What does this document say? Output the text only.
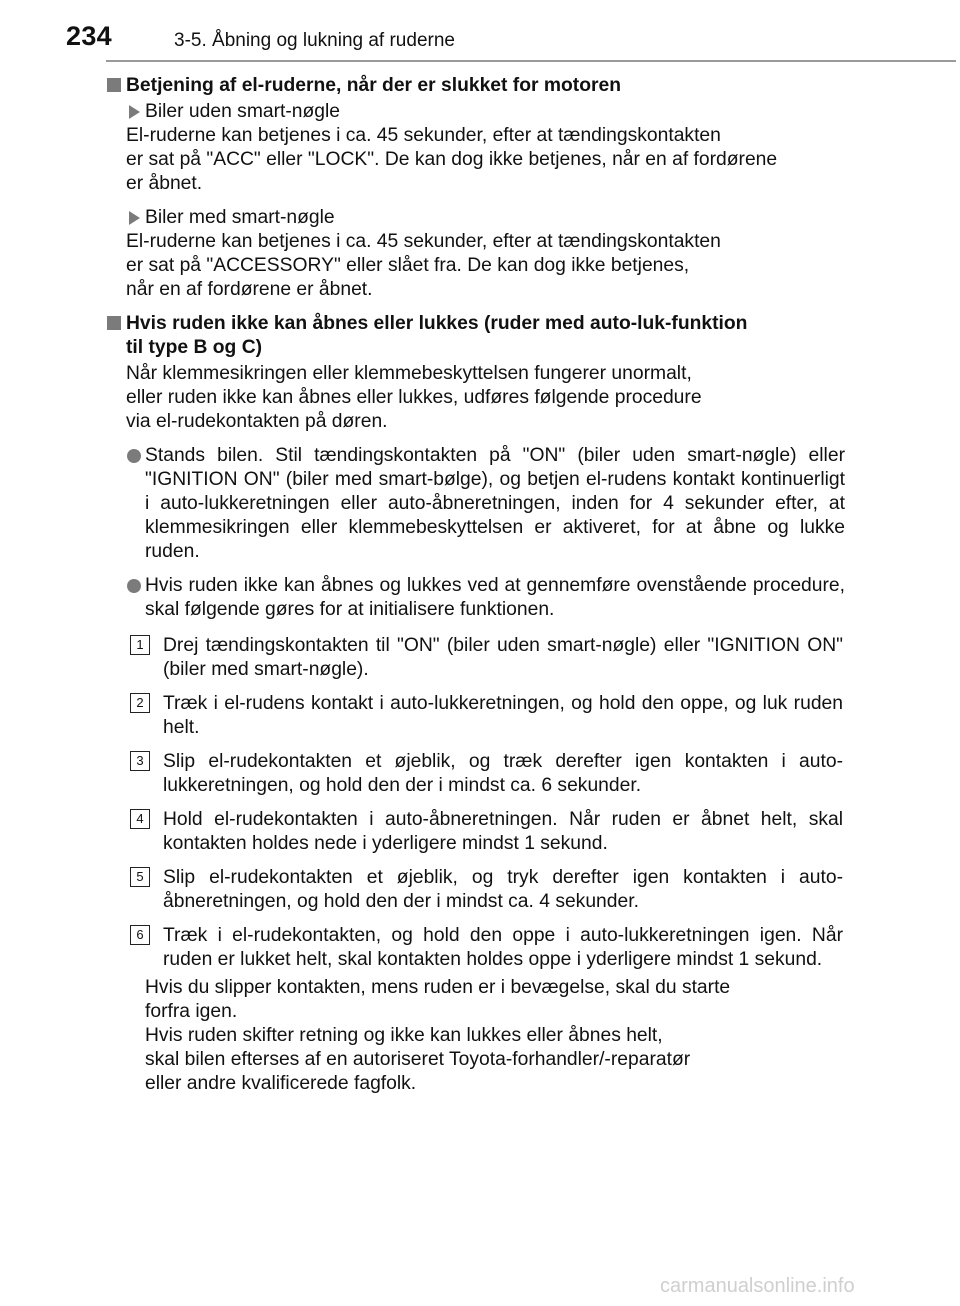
234	3-5. Åbning og lukning af ruderne
Betjening af el-ruderne, når der er slukket for motoren
Biler uden smart-nøgle
El-ruderne kan betjenes i ca. 45 sekunder, efter at tændingskontakten
er sat på "ACC" eller "LOCK". De kan dog ikke betjenes, når en af fordørene
er åbnet.
Biler med smart-nøgle
El-ruderne kan betjenes i ca. 45 sekunder, efter at tændingskontakten
er sat på "ACCESSORY" eller slået fra. De kan dog ikke betjenes,
når en af fordørene er åbnet.
Hvis ruden ikke kan åbnes eller lukkes (ruder med auto-luk-funktion
til type B og C)
Når klemmesikringen eller klemmebeskyttelsen fungerer unormalt,
eller ruden ikke kan åbnes eller lukkes, udføres følgende procedure
via el-rudekontakten på døren.
Stands bilen. Stil tændingskontakten på "ON" (biler uden smart-nøgle) eller "IGNITION ON" (biler med smart-bølge), og betjen el-rudens kontakt kontinuerligt i auto-lukkeretningen eller auto-åbneretningen, inden for 4 sekunder efter, at klemmesikringen eller klemmebeskyttelsen er aktiveret, for at åbne og lukke ruden.
Hvis ruden ikke kan åbnes og lukkes ved at gennemføre ovenstående procedure, skal følgende gøres for at initialisere funktionen.
1	Drej tændingskontakten til "ON" (biler uden smart-nøgle) eller "IGNITION ON" (biler med smart-nøgle).
2	Træk i el-rudens kontakt i auto-lukkeretningen, og hold den oppe, og luk ruden helt.
3	Slip el-rudekontakten et øjeblik, og træk derefter igen kontakten i auto-lukkeretningen, og hold den der i mindst ca. 6 sekunder.
4	Hold el-rudekontakten i auto-åbneretningen. Når ruden er åbnet helt, skal kontakten holdes nede i yderligere mindst 1 sekund.
5	Slip el-rudekontakten et øjeblik, og tryk derefter igen kontakten i auto-åbneretningen, og hold den der i mindst ca. 4 sekunder.
6	Træk i el-rudekontakten, og hold den oppe i auto-lukkeretningen igen. Når ruden er lukket helt, skal kontakten holdes oppe i yderligere mindst 1 sekund.
Hvis du slipper kontakten, mens ruden er i bevægelse, skal du starte
forfra igen.
Hvis ruden skifter retning og ikke kan lukkes eller åbnes helt,
skal bilen efterses af en autoriseret Toyota-forhandler/-reparatør
eller andre kvalificerede fagfolk.
carmanualsonline.info
